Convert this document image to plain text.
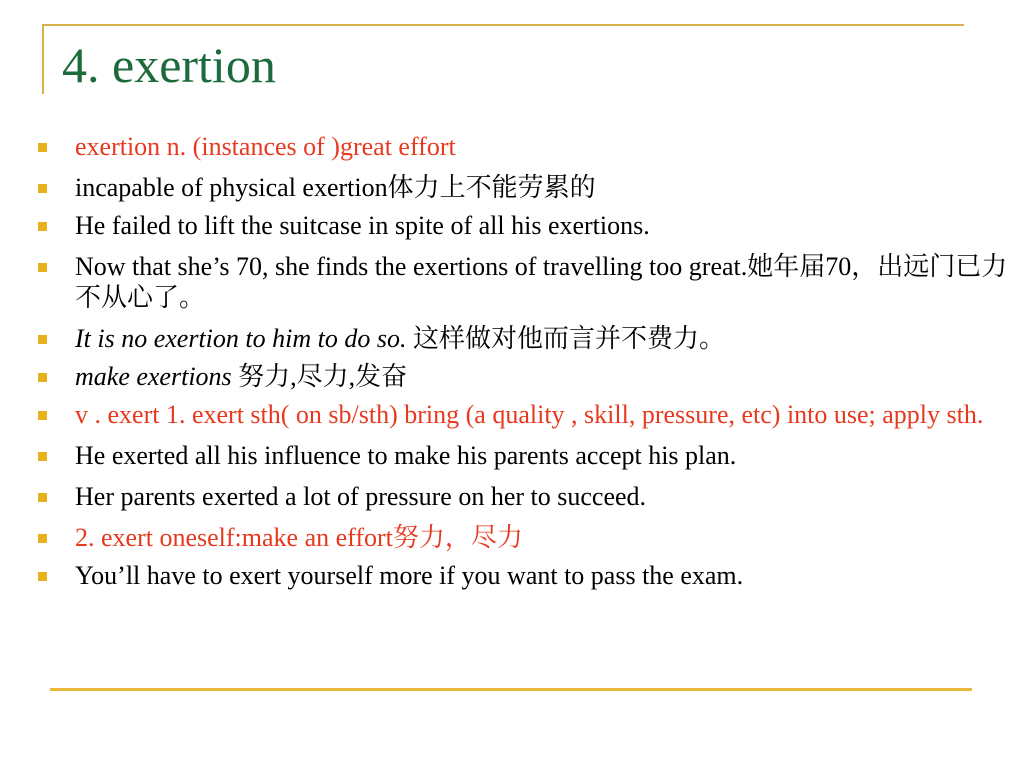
4. exertion
exertion n. (instances of )great effort
incapable of physical exertion体力上不能劳累的
He failed to lift the suitcase in spite of all his exertions.
Now that she’s 70, she finds the exertions of travelling too great.她年届70，出远门已力不从心了。
It is no exertion to him to do so. 这样做对他而言并不费力。
make exertions 努力,尽力,发奋
v . exert 1. exert sth( on sb/sth) bring (a quality , skill, pressure, etc) into use; apply sth.
He exerted all his influence to make his parents accept his plan.
Her parents exerted a lot of pressure on her to succeed.
2. exert oneself:make an effort努力，尽力
You’ll have to exert yourself more if you want to pass the exam.
